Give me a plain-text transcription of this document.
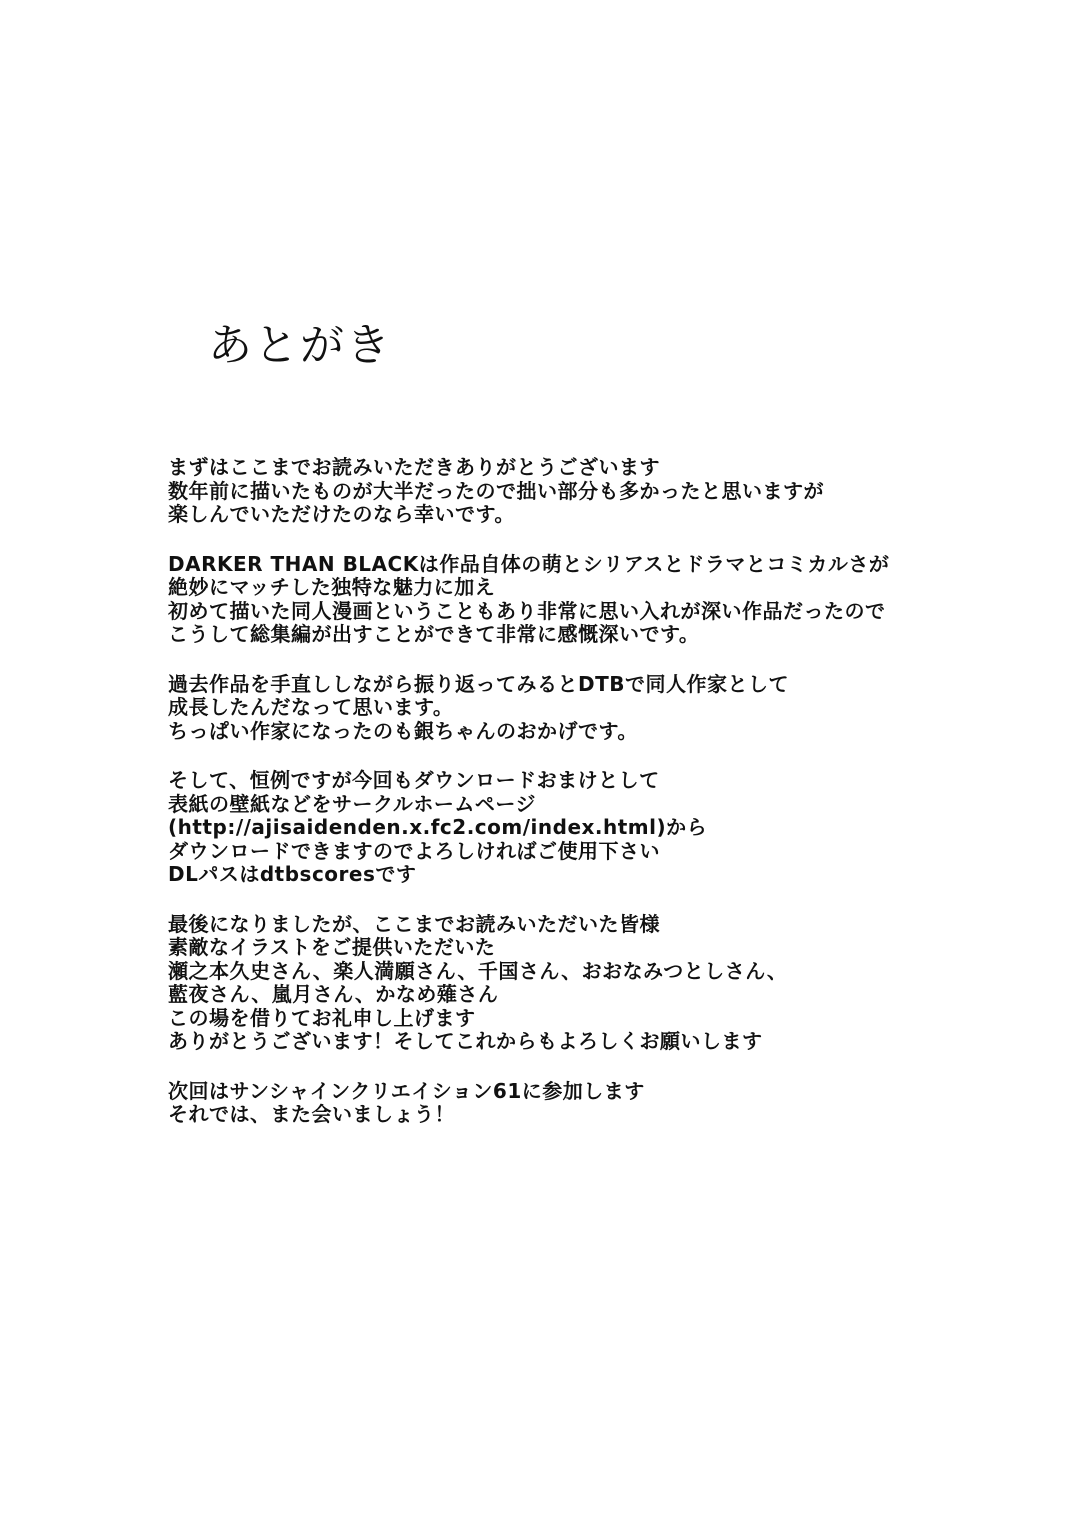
あとがき

まずはここまでお読みいただきありがとうございます
数年前に描いたものが大半だったので拙い部分も多かったと思いますが
楽しんでいただけたのなら幸いです。

DARKER THAN BLACKは作品自体の萌とシリアスとドラマとコミカルさが
絶妙にマッチした独特な魅力に加え
初めて描いた同人漫画ということもあり非常に思い入れが深い作品だったので
こうして総集編が出すことができて非常に感慨深いです。

過去作品を手直ししながら振り返ってみるとDTBで同人作家として
成長したんだなって思います。
ちっぱい作家になったのも銀ちゃんのおかげです。

そして、恒例ですが今回もダウンロードおまけとして
表紙の壁紙などをサークルホームページ
(http://ajisaidenden.x.fc2.com/index.html)から
ダウンロードできますのでよろしければご使用下さい
DLパスはdtbscoresです

最後になりましたが、ここまでお読みいただいた皆様
素敵なイラストをご提供いただいた
瀬之本久史さん、楽人満願さん、千国さん、おおなみつとしさん、
藍夜さん、嵐月さん、かなめ薙さん
この場を借りてお礼申し上げます
ありがとうございます！そしてこれからもよろしくお願いします

次回はサンシャインクリエイション61に参加します
それでは、また会いましょう！
